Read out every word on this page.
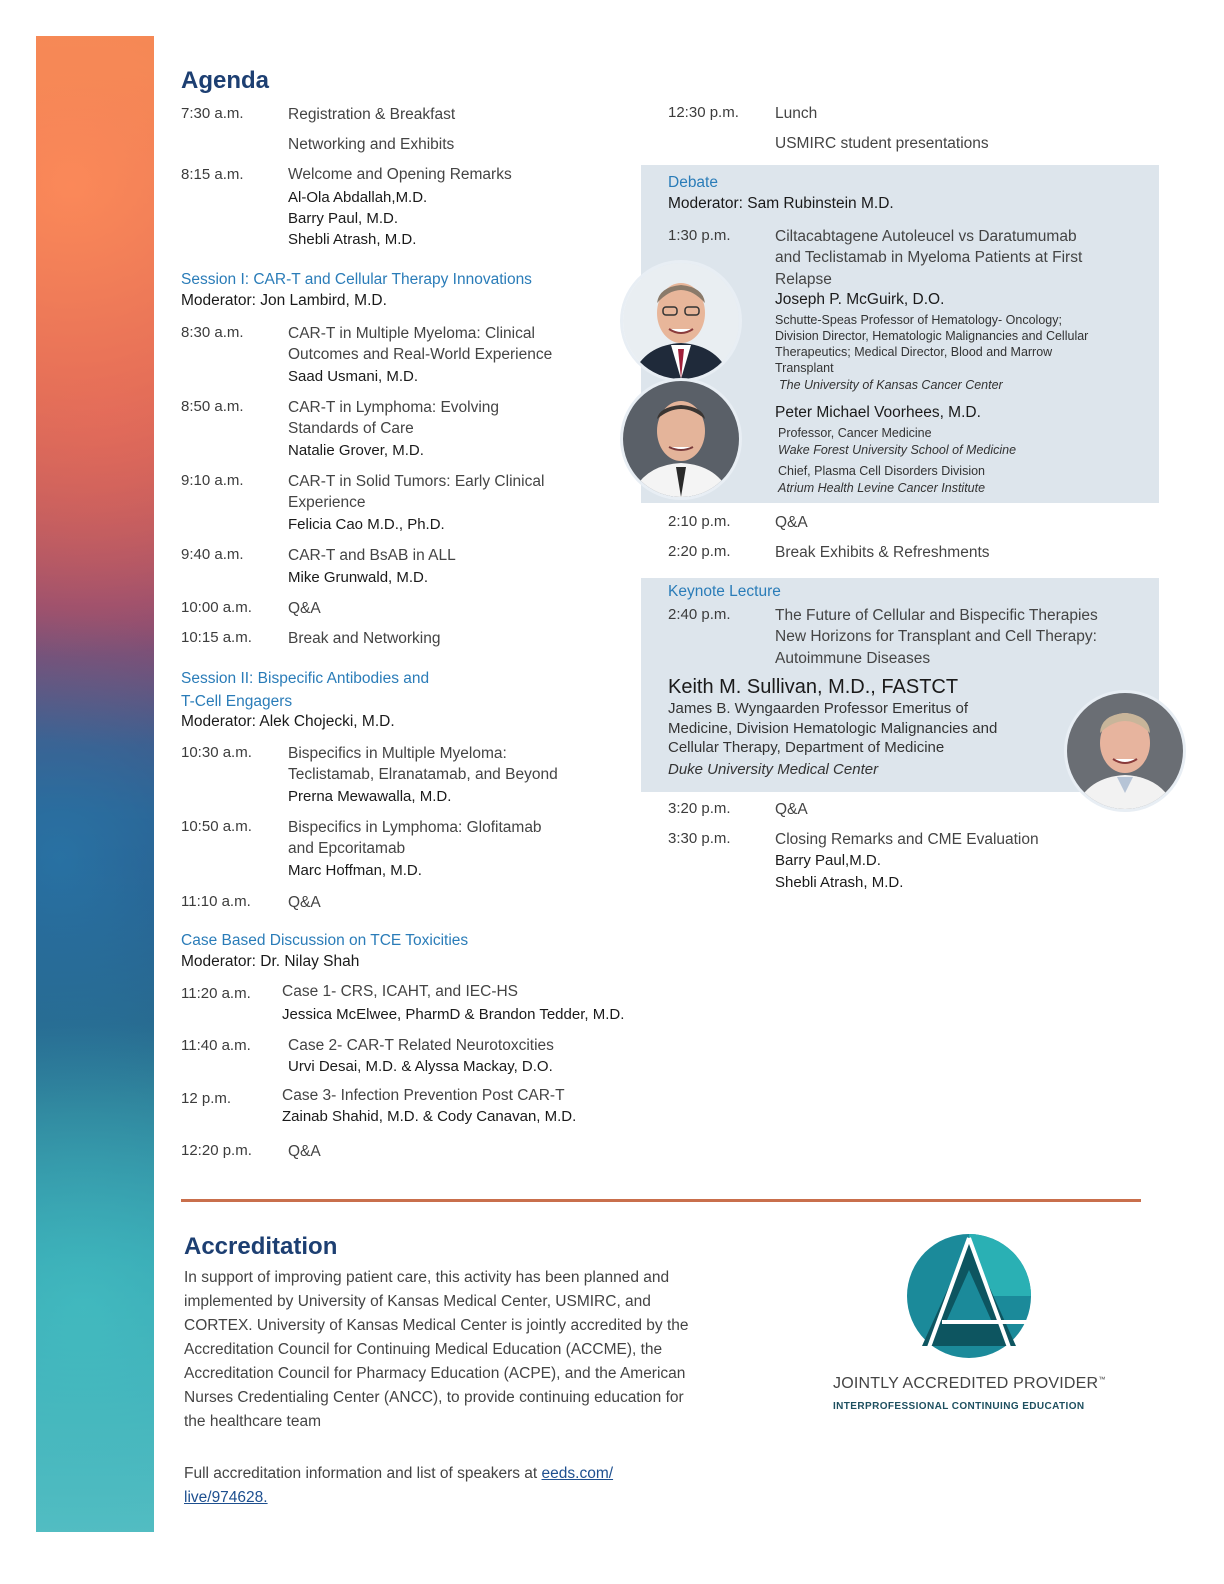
Agenda
7:30 a.m.	Registration & Breakfast
Networking and Exhibits
8:15 a.m.	Welcome and Opening Remarks
Al-Ola Abdallah,M.D.
Barry Paul, M.D.
Shebli Atrash, M.D.
Session I: CAR-T and Cellular Therapy Innovations
Moderator: Jon Lambird, M.D.
8:30 a.m.	CAR-T in Multiple Myeloma: Clinical
Outcomes and Real-World Experience
Saad Usmani, M.D.
8:50 a.m.	CAR-T in Lymphoma: Evolving
Standards of Care
Natalie Grover, M.D.
9:10 a.m.	CAR-T in Solid Tumors: Early Clinical
Experience
Felicia Cao M.D., Ph.D.
9:40 a.m.	CAR-T and BsAB in ALL
Mike Grunwald, M.D.
10:00 a.m. Q&A
10:15 a.m. Break and Networking
Session II: Bispecific Antibodies and
T-Cell Engagers
Moderator: Alek Chojecki, M.D.
10:30 a.m. Bispecifics in Multiple Myeloma:
Teclistamab, Elranatamab, and Beyond
Prerna Mewawalla, M.D.
10:50 a.m. Bispecifics in Lymphoma: Glofitamab
and Epcoritamab
Marc Hoffman, M.D.
11:10 a.m. Q&A
Case Based Discussion on TCE Toxicities
Moderator: Dr. Nilay Shah
11:20 a.m. Case 1- CRS, ICAHT, and IEC-HS
Jessica McElwee, PharmD & Brandon Tedder, M.D.
11:40 a.m. Case 2- CAR-T Related Neurotoxcities
Urvi Desai, M.D. & Alyssa Mackay, D.O.
12 p.m.	Case 3- Infection Prevention Post CAR-T
Zainab Shahid, M.D. & Cody Canavan, M.D.
12:20 p.m. Q&A
12:30 p.m. Lunch
USMIRC student presentations
Debate
Moderator: Sam Rubinstein M.D.
1:30 p.m.	Ciltacabtagene Autoleucel vs Daratumumab
and Teclistamab in Myeloma Patients at First
Relapse
Joseph P. McGuirk, D.O.
Schutte-Speas Professor of Hematology- Oncology;
Division Director, Hematologic Malignancies and Cellular
Therapeutics; Medical Director, Blood and Marrow
Transplant
The University of Kansas Cancer Center
Peter Michael Voorhees, M.D.
Professor, Cancer Medicine
Wake Forest University School of Medicine
Chief, Plasma Cell Disorders Division
Atrium Health Levine Cancer Institute
2:10 p.m.	Q&A
2:20 p.m.	Break Exhibits & Refreshments
Keynote Lecture
2:40 p.m.	The Future of Cellular and Bispecific Therapies
New Horizons for Transplant and Cell Therapy:
Autoimmune Diseases
Keith M. Sullivan, M.D., FASTCT
James B. Wyngaarden Professor Emeritus of
Medicine, Division Hematologic Malignancies and
Cellular Therapy, Department of Medicine
Duke University Medical Center
3:20 p.m.	Q&A
3:30 p.m.	Closing Remarks and CME Evaluation
Barry Paul,M.D.
Shebli Atrash, M.D.
Accreditation
In support of improving patient care, this activity has been planned and
implemented by University of Kansas Medical Center, USMIRC, and
CORTEX. University of Kansas Medical Center is jointly accredited by the
Accreditation Council for Continuing Medical Education (ACCME), the
Accreditation Council for Pharmacy Education (ACPE), and the American
Nurses Credentialing Center (ANCC), to provide continuing education for
the healthcare team
Full accreditation information and list of speakers at eeds.com/
live/974628.
JOINTLY ACCREDITED PROVIDER™
INTERPROFESSIONAL CONTINUING EDUCATION
